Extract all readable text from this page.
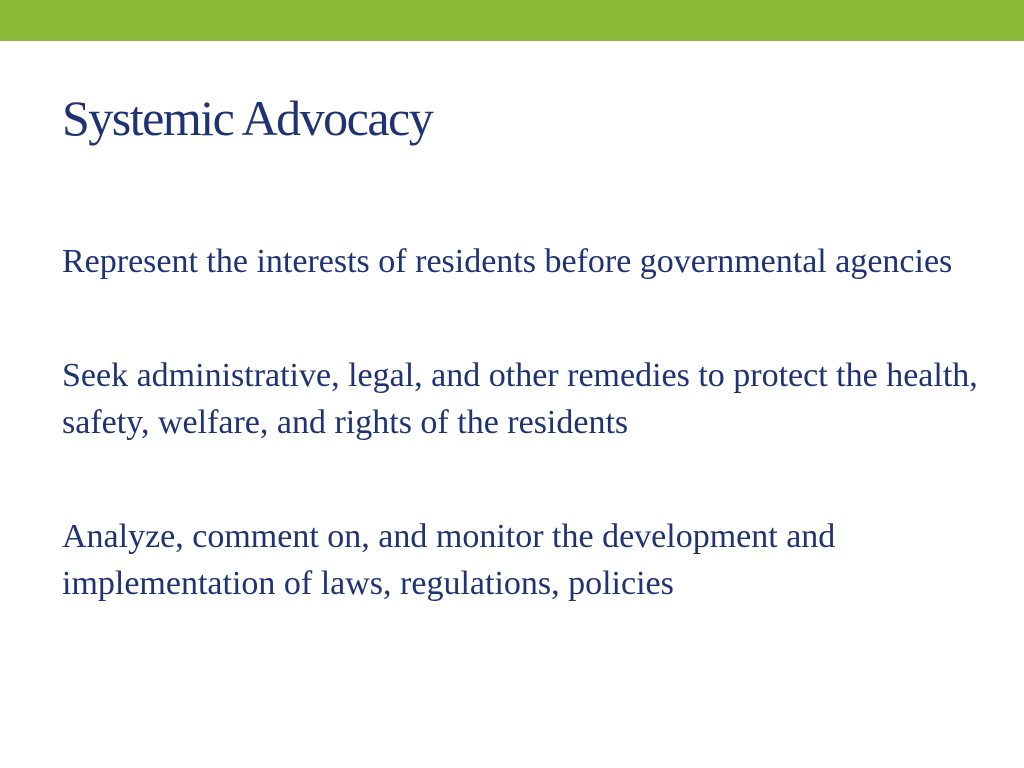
Systemic Advocacy
Represent the interests of residents before governmental agencies
Seek administrative, legal, and other remedies to protect the health, safety, welfare, and rights of the residents
Analyze, comment on, and monitor the development and implementation of laws, regulations, policies
